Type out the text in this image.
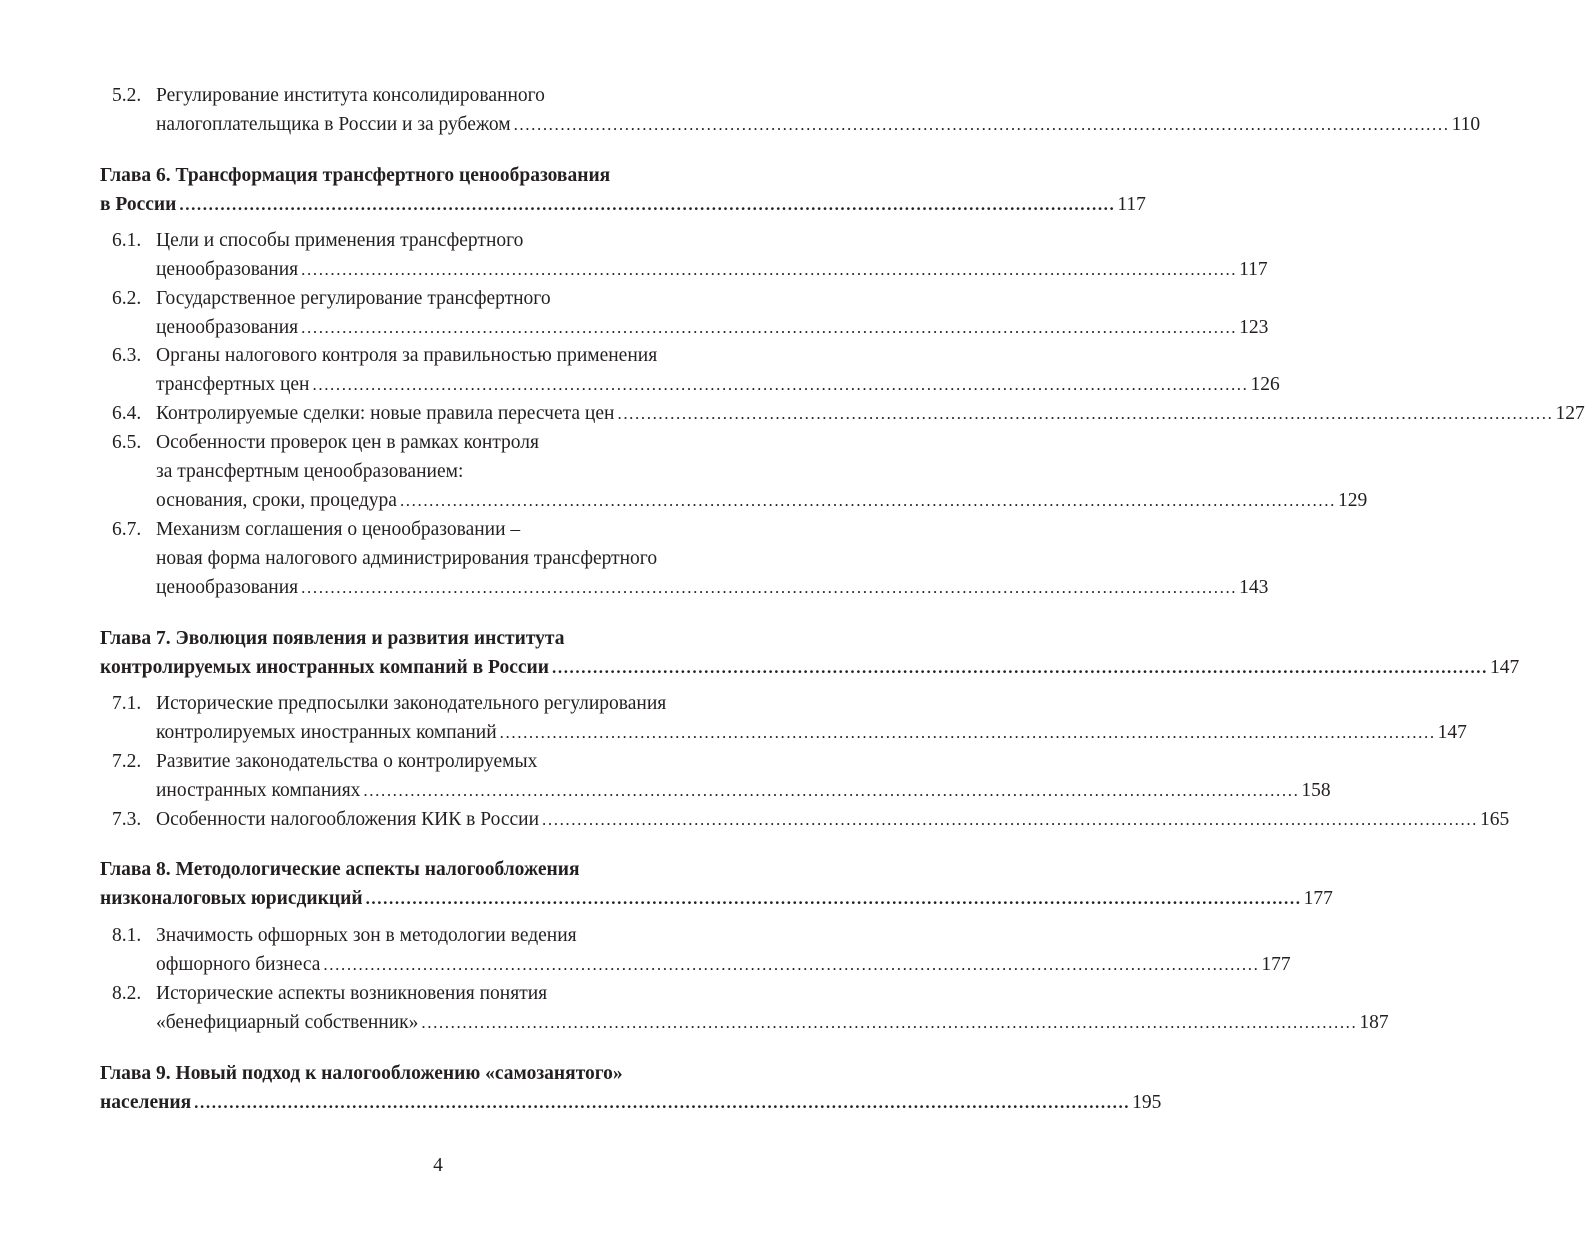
5.2. Регулирование института консолидированного
налогоплательщика в России и за рубежом ................................................................................................................................................................ 110
Глава 6. Трансформация трансфертного ценообразования
в России ................................................................................................................................................................ 117
6.1. Цели и способы применения трансфертного
ценообразования ................................................................................................................................................................ 117
6.2. Государственное регулирование трансфертного
ценообразования ................................................................................................................................................................ 123
6.3. Органы налогового контроля за правильностью применения
трансфертных цен ................................................................................................................................................................ 126
6.4. Контролируемые сделки: новые правила пересчета цен ................................................................................................................................................................ 127
6.5. Особенности проверок цен в рамках контроля
за трансфертным ценообразованием:
основания, сроки, процедура ................................................................................................................................................................ 129
6.7. Механизм соглашения о ценообразовании –
новая форма налогового администрирования трансфертного
ценообразования ................................................................................................................................................................ 143
Глава 7. Эволюция появления и развития института
контролируемых иностранных компаний в России ................................................................................................................................................................ 147
7.1. Исторические предпосылки законодательного регулирования
контролируемых иностранных компаний ................................................................................................................................................................ 147
7.2. Развитие законодательства о контролируемых
иностранных компаниях ................................................................................................................................................................ 158
7.3. Особенности налогообложения КИК в России ................................................................................................................................................................ 165
Глава 8. Методологические аспекты налогообложения
низконалоговых юрисдикций ................................................................................................................................................................ 177
8.1. Значимость офшорных зон в методологии ведения
офшорного бизнеса ................................................................................................................................................................ 177
8.2. Исторические аспекты возникновения понятия
«бенефициарный собственник» ................................................................................................................................................................ 187
Глава 9. Новый подход к налогообложению «самозанятого»
населения ................................................................................................................................................................ 195
4
